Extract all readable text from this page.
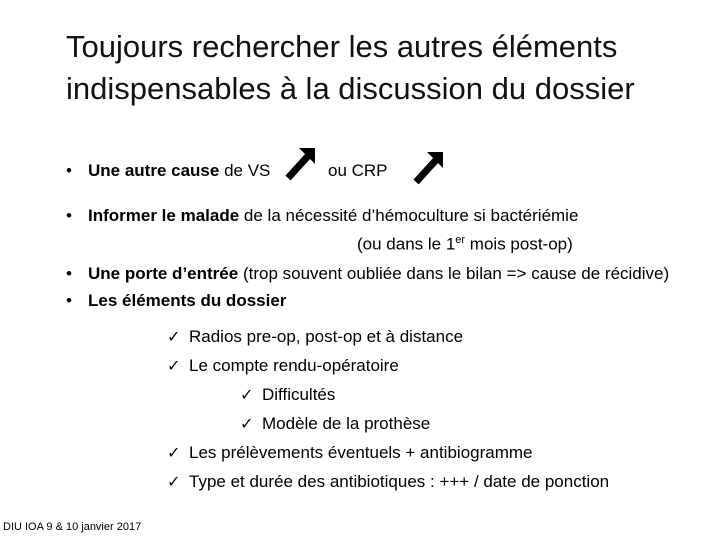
Toujours rechercher les autres éléments
indispensables à la discussion du dossier
• Une autre cause de VS	ou CRP
• Informer le malade de la nécessité d’hémoculture si bactériémie
(ou dans le 1er mois post-op)
• Une porte d’entrée (trop souvent oubliée dans le bilan => cause de récidive)
• Les éléments du dossier
✓ Radios pre-op, post-op et à distance
✓ Le compte rendu-opératoire
✓ Difficultés
✓ Modèle de la prothèse
✓ Les prélèvements éventuels + antibiogramme
✓ Type et durée des antibiotiques : +++ / date de ponction
DIU IOA 9 & 10 janvier 2017
